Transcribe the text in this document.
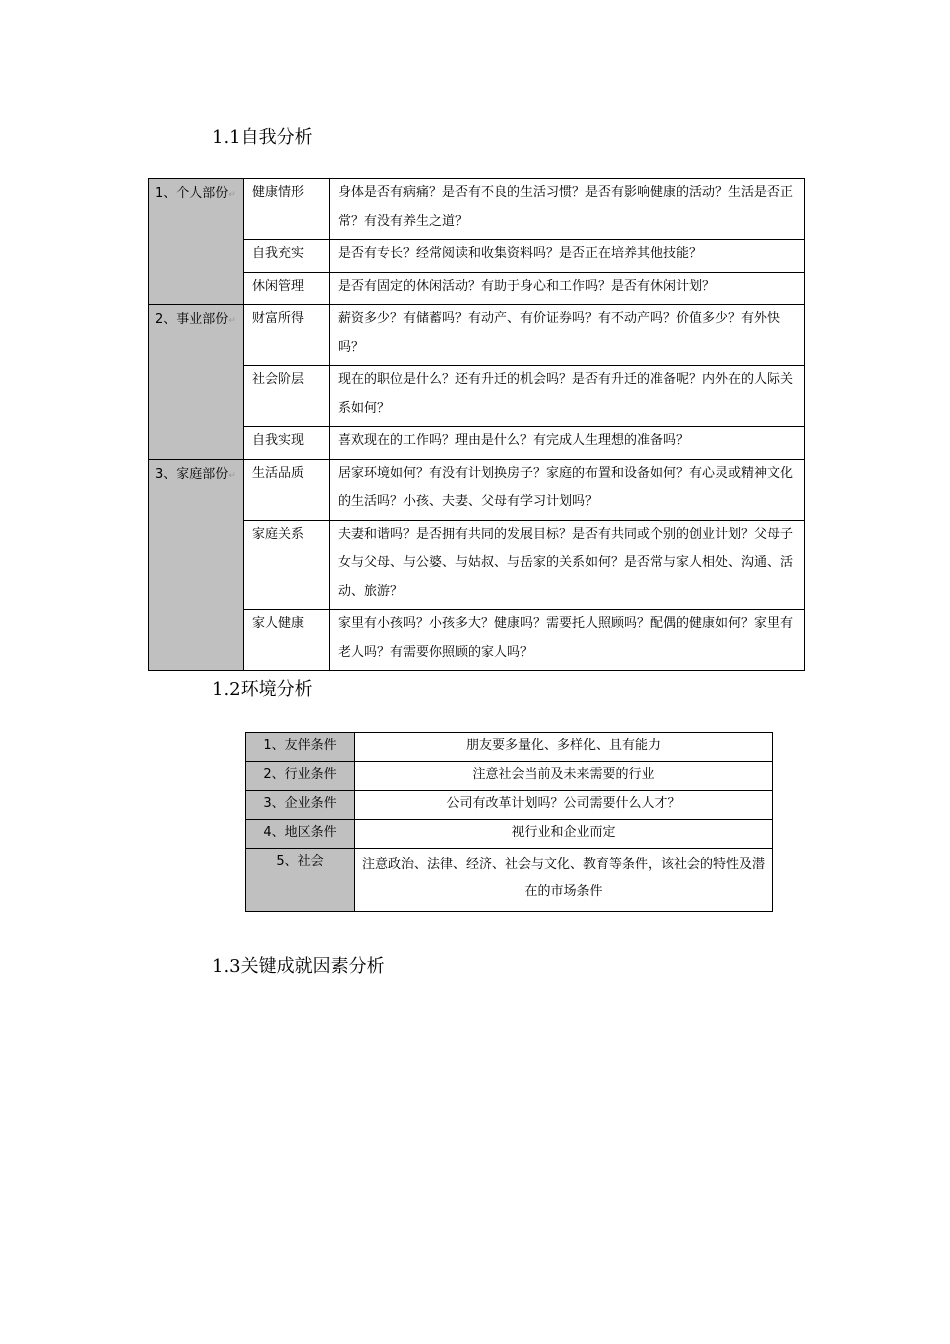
1.1自我分析
1、个人部份↵	健康情形	身体是否有病痛？是否有不良的生活习惯？是否有影响健康的活动？生活是否正常？有没有养生之道？
	自我充实	是否有专长？经常阅读和收集资料吗？是否正在培养其他技能？
	休闲管理	是否有固定的休闲活动？有助于身心和工作吗？是否有休闲计划？
2、事业部份↵	财富所得	薪资多少？有储蓄吗？有动产、有价证券吗？有不动产吗？价值多少？有外快吗？
	社会阶层	现在的职位是什么？还有升迁的机会吗？是否有升迁的准备呢？内外在的人际关系如何？
	自我实现	喜欢现在的工作吗？理由是什么？有完成人生理想的准备吗？
3、家庭部份↵	生活品质	居家环境如何？有没有计划换房子？家庭的布置和设备如何？有心灵或精神文化的生活吗？小孩、夫妻、父母有学习计划吗？
	家庭关系	夫妻和谐吗？是否拥有共同的发展目标？是否有共同或个别的创业计划？父母子女与父母、与公婆、与姑叔、与岳家的关系如何？是否常与家人相处、沟通、活动、旅游？
	家人健康	家里有小孩吗？小孩多大？健康吗？需要托人照顾吗？配偶的健康如何？家里有老人吗？有需要你照顾的家人吗？
1.2环境分析
1、友伴条件	朋友要多量化、多样化、且有能力
2、行业条件	注意社会当前及未来需要的行业
3、企业条件	公司有改革计划吗？公司需要什么人才？
4、地区条件	视行业和企业而定
5、社会	注意政治、法律、经济、社会与文化、教育等条件，该社会的特性及潜在的市场条件
1.3关键成就因素分析
